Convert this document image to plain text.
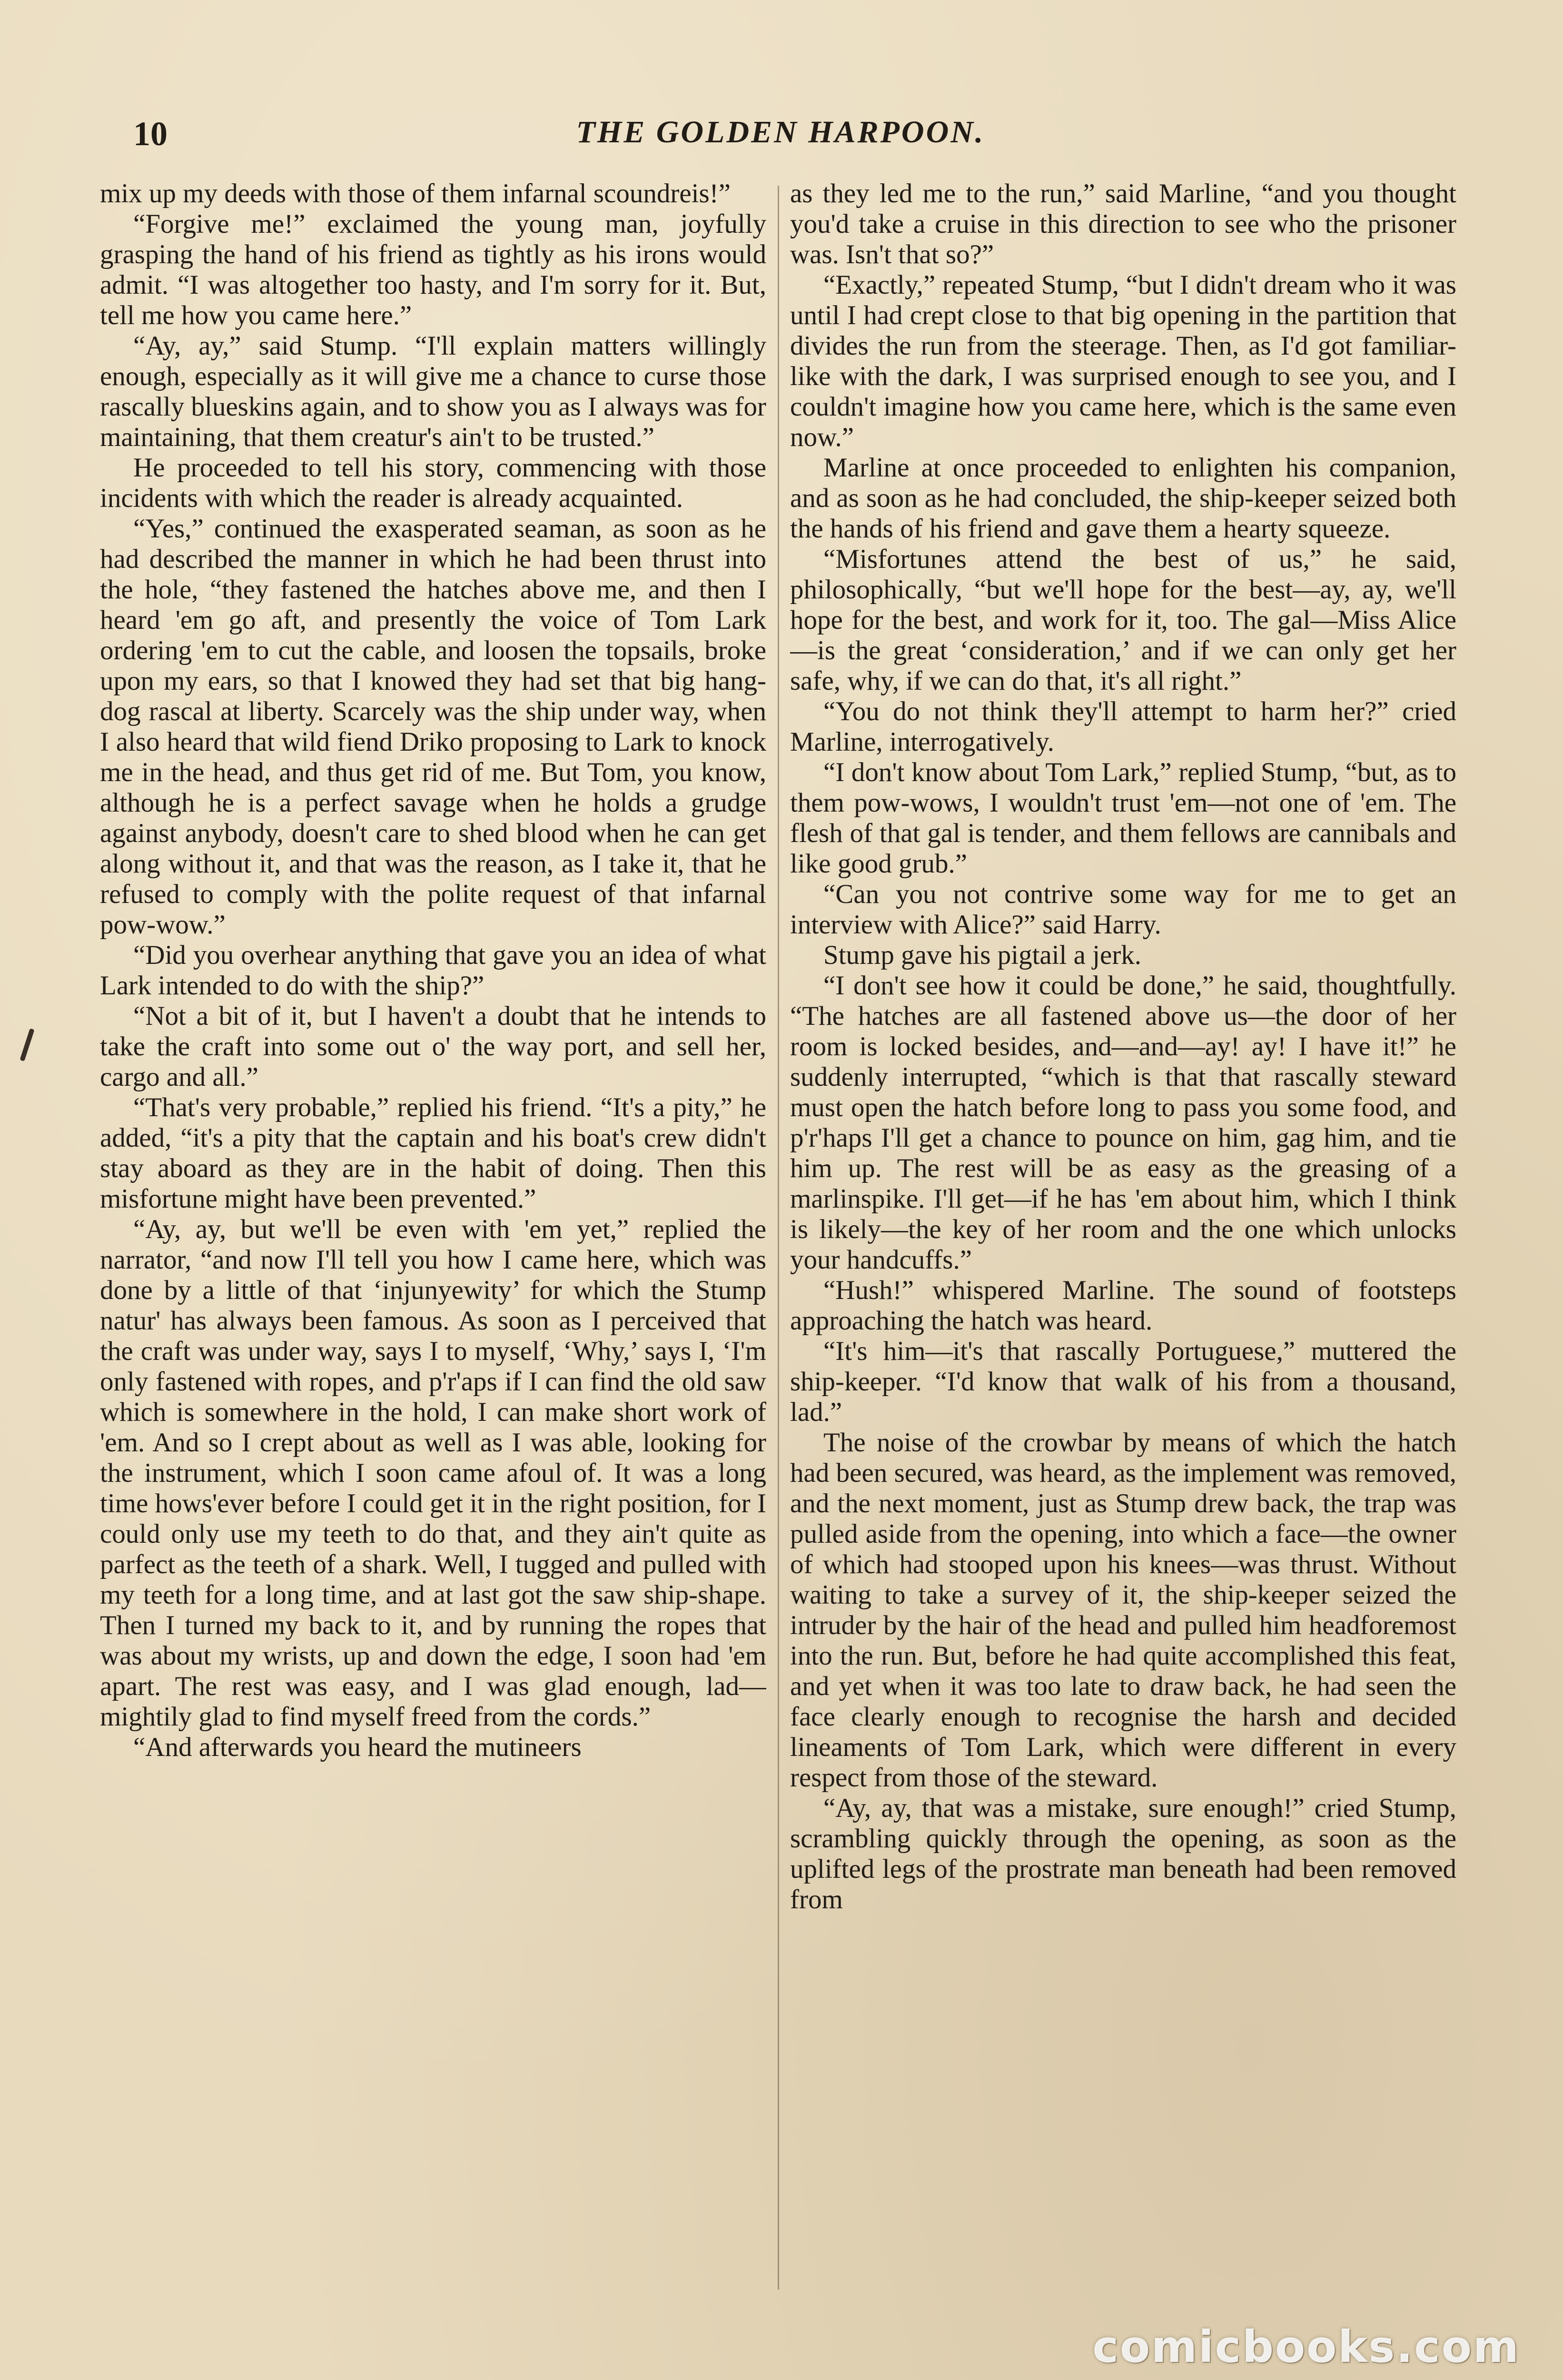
10	THE GOLDEN HARPOON.

mix up my deeds with those of them infarnal scoundreis!”

“Forgive me!” exclaimed the young man, joyfully grasping the hand of his friend as tightly as his irons would admit. “I was altogether too hasty, and I'm sorry for it. But, tell me how you came here.”

“Ay, ay,” said Stump. “I'll explain matters willingly enough, especially as it will give me a chance to curse those rascally blueskins again, and to show you as I always was for maintaining, that them creatur's ain't to be trusted.”

He proceeded to tell his story, commencing with those incidents with which the reader is already acquainted.

“Yes,” continued the exasperated seaman, as soon as he had described the manner in which he had been thrust into the hole, “they fastened the hatches above me, and then I heard 'em go aft, and presently the voice of Tom Lark ordering 'em to cut the cable, and loosen the topsails, broke upon my ears, so that I knowed they had set that big hang-dog rascal at liberty. Scarcely was the ship under way, when I also heard that wild fiend Driko proposing to Lark to knock me in the head, and thus get rid of me. But Tom, you know, although he is a perfect savage when he holds a grudge against anybody, doesn't care to shed blood when he can get along without it, and that was the reason, as I take it, that he refused to comply with the polite request of that infarnal pow-wow.”

“Did you overhear anything that gave you an idea of what Lark intended to do with the ship?”

“Not a bit of it, but I haven't a doubt that he intends to take the craft into some out o' the way port, and sell her, cargo and all.”

“That's very probable,” replied his friend. “It's a pity,” he added, “it's a pity that the captain and his boat's crew didn't stay aboard as they are in the habit of doing. Then this misfortune might have been prevented.”

“Ay, ay, but we'll be even with 'em yet,” replied the narrator, “and now I'll tell you how I came here, which was done by a little of that ‘injunyewity’ for which the Stump natur' has always been famous. As soon as I perceived that the craft was under way, says I to myself, ‘Why,’ says I, ‘I'm only fastened with ropes, and p'r'aps if I can find the old saw which is somewhere in the hold, I can make short work of 'em. And so I crept about as well as I was able, looking for the instrument, which I soon came afoul of. It was a long time hows'ever before I could get it in the right position, for I could only use my teeth to do that, and they ain't quite as parfect as the teeth of a shark. Well, I tugged and pulled with my teeth for a long time, and at last got the saw ship-shape. Then I turned my back to it, and by running the ropes that was about my wrists, up and down the edge, I soon had 'em apart. The rest was easy, and I was glad enough, lad—mightily glad to find myself freed from the cords.”

“And afterwards you heard the mutineers

as they led me to the run,” said Marline, “and you thought you'd take a cruise in this direction to see who the prisoner was. Isn't that so?”

“Exactly,” repeated Stump, “but I didn't dream who it was until I had crept close to that big opening in the partition that divides the run from the steerage. Then, as I'd got familiar-like with the dark, I was surprised enough to see you, and I couldn't imagine how you came here, which is the same even now.”

Marline at once proceeded to enlighten his companion, and as soon as he had concluded, the ship-keeper seized both the hands of his friend and gave them a hearty squeeze.

“Misfortunes attend the best of us,” he said, philosophically, “but we'll hope for the best—ay, ay, we'll hope for the best, and work for it, too. The gal—Miss Alice—is the great ‘consideration,’ and if we can only get her safe, why, if we can do that, it's all right.”

“You do not think they'll attempt to harm her?” cried Marline, interrogatively.

“I don't know about Tom Lark,” replied Stump, “but, as to them pow-wows, I wouldn't trust 'em—not one of 'em. The flesh of that gal is tender, and them fellows are cannibals and like good grub.”

“Can you not contrive some way for me to get an interview with Alice?” said Harry.

Stump gave his pigtail a jerk.

“I don't see how it could be done,” he said, thoughtfully. “The hatches are all fastened above us—the door of her room is locked besides, and—and—ay! ay! I have it!” he suddenly interrupted, “which is that that rascally steward must open the hatch before long to pass you some food, and p'r'haps I'll get a chance to pounce on him, gag him, and tie him up. The rest will be as easy as the greasing of a marlinspike. I'll get—if he has 'em about him, which I think is likely—the key of her room and the one which unlocks your handcuffs.”

“Hush!” whispered Marline. The sound of footsteps approaching the hatch was heard.

“It's him—it's that rascally Portuguese,” muttered the ship-keeper. “I'd know that walk of his from a thousand, lad.”

The noise of the crowbar by means of which the hatch had been secured, was heard, as the implement was removed, and the next moment, just as Stump drew back, the trap was pulled aside from the opening, into which a face—the owner of which had stooped upon his knees—was thrust. Without waiting to take a survey of it, the ship-keeper seized the intruder by the hair of the head and pulled him headforemost into the run. But, before he had quite accomplished this feat, and yet when it was too late to draw back, he had seen the face clearly enough to recognise the harsh and decided lineaments of Tom Lark, which were different in every respect from those of the steward.

“Ay, ay, that was a mistake, sure enough!” cried Stump, scrambling quickly through the opening, as soon as the uplifted legs of the prostrate man beneath had been removed from

comicbooks.com
